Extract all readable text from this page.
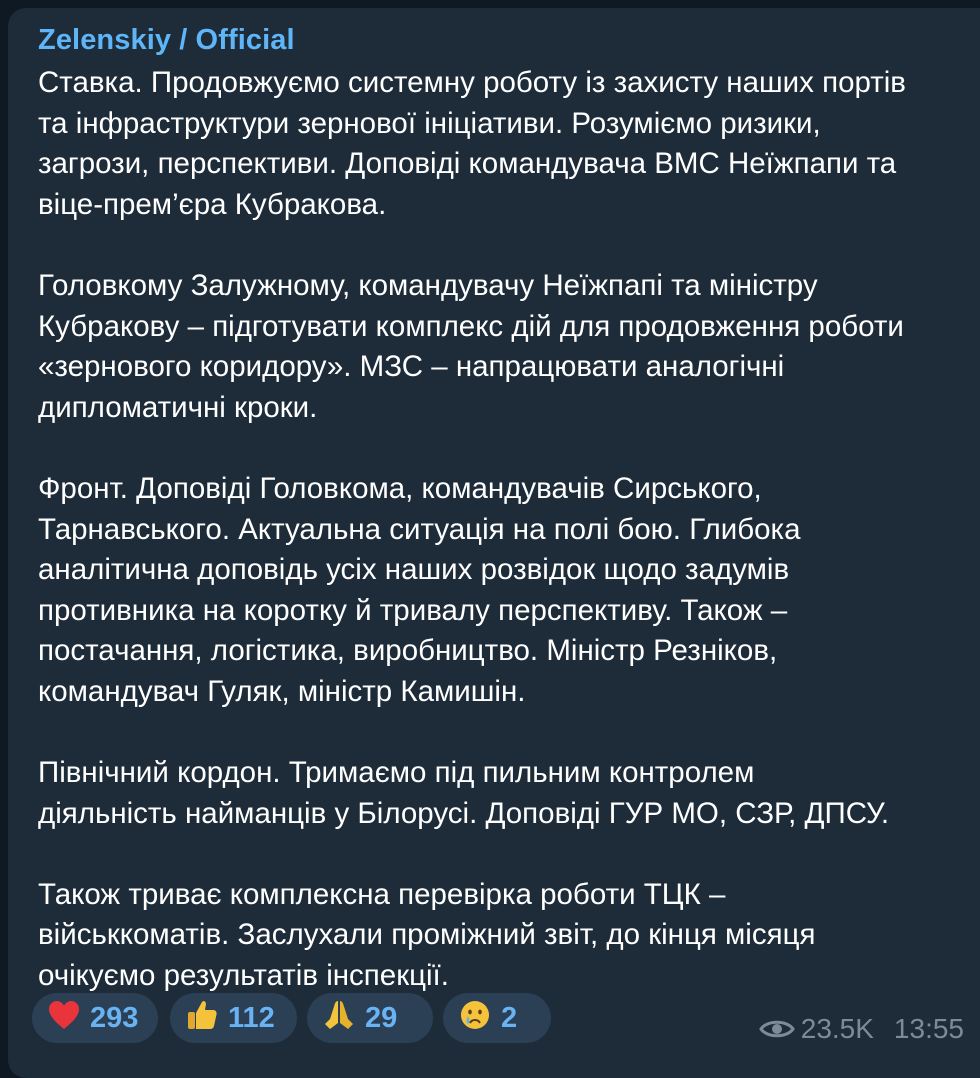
Zelenskiy / Official
Ставка. Продовжуємо системну роботу із захисту наших портів
та інфраструктури зернової ініціативи. Розуміємо ризики,
загрози, перспективи. Доповіді командувача ВМС Неїжпапи та
віце-прем’єра Кубракова.
Головкому Залужному, командувачу Неїжпапі та міністру
Кубракову – підготувати комплекс дій для продовження роботи
«зернового коридору». МЗС – напрацювати аналогічні
дипломатичні кроки.
Фронт. Доповіді Головкома, командувачів Сирського,
Тарнавського. Актуальна ситуація на полі бою. Глибока
аналітична доповідь усіх наших розвідок щодо задумів
противника на коротку й тривалу перспективу. Також –
постачання, логістика, виробництво. Міністр Резніков,
командувач Гуляк, міністр Камишін.
Північний кордон. Тримаємо під пильним контролем
діяльність найманців у Білорусі. Доповіді ГУР МО, СЗР, ДПСУ.
Також триває комплексна перевірка роботи ТЦК –
військкоматів. Заслухали проміжний звіт, до кінця місяця
очікуємо результатів інспекції.
293	112	29	2	23.5K 13:55
